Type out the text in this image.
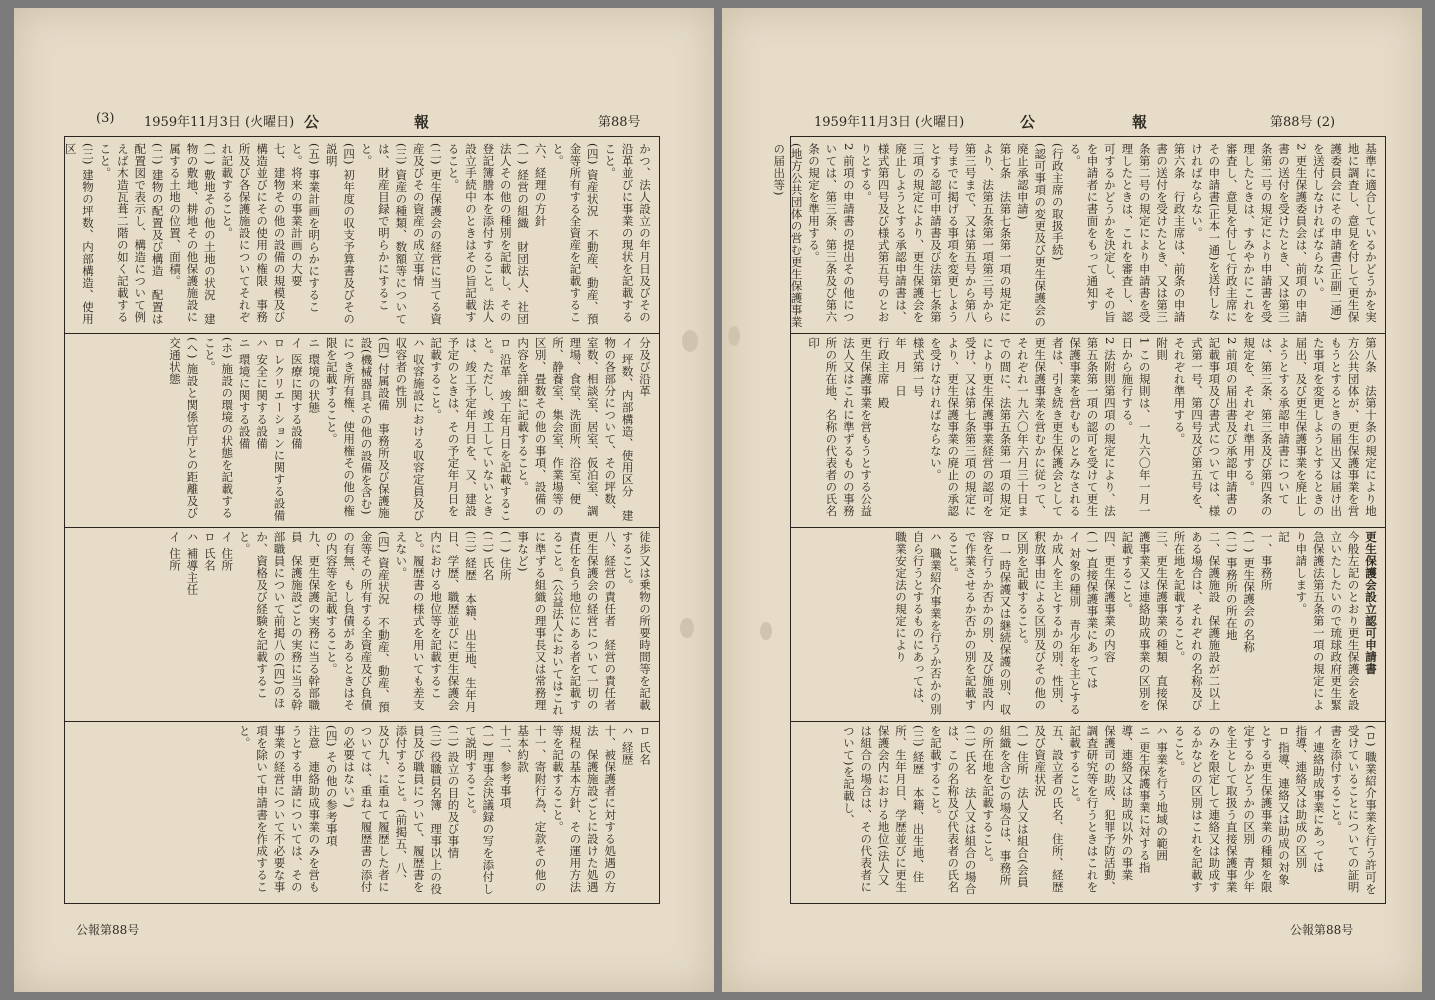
(3) 1959年11月3日 (火曜日) 公	報	第88号

かつ、法人設立の年月日及びその沿革並びに事業の現状を記載すること。

(四) 資産状況　不動産、動産、預金等所有する全資産を記載すること。

六、経理の方針

(一) 経営の組織　財団法人、社団法人その他の種別を記載し、その登記簿謄本を添付すること。法人設立手続中のときはその旨記載すること。

(二) 更生保護会の経営に当てる資産及びその資産の成立事情

(三) 資産の種類、数額等については、財産目録で明らかにすること。

(四) 初年度の収支予算書及びその説明

(五) 事業計画を明らかにすること。将来の事業計画の大要

七、建物その他の設備の規模及び構造並びにその使用の権限　事務所及び各保護施設についてそれぞれ記載すること。

(一) 敷地その他の土地の状況　建物の敷地、耕地その他保護施設に属する土地の位置、面積。

(二) 建物の配置及び構造　配置は配置図で表示し、構造について例えば木造瓦葺二階の如く記載すること。

(三) 建物の坪数、内部構造、使用区

分及び沿革

イ 坪数、内部構造、使用区分　建物の各部分について、その坪数、室数、相談室、居室、仮泊室、調理場、食堂、洗面所、浴室、便所、静養室、集会室、作業場等の区別、畳数その他の事項、設備の内容を詳細に記載すること。

ロ 沿革　竣工年月日を記載すること。ただし、竣工していないときは、竣工予定年月日を、又、建設予定のときは、その予定年月日を記載すること。

ハ 収容施設における収容定員及び収容者の性別

(四) 付属設備　事務所及び保護施設(機械器具その他の設備を含む)につき所有権、使用権その他の権限を記載すること。

ニ 環境の状態

イ 医療に関する設備

ロ レクリエーションに関する設備

ハ 安全に関する設備

ニ 環境に関する設備

(ホ) 施設の環境の状態を記載すること。

(ヘ) 施設と関係官庁との距離及び交通状態

徒歩又は乗物の所要時間等を記載すること。

八、経営の責任者　経営の責任者　更生保護会の経営について一切の責任を負う地位にある者を記載すること。(公益法人においてはこれに準ずる組織の理事長又は常務理事など)

(一) 住所

(二) 氏名

(三) 経歴　本籍、出生地、生年月日、学歴、職歴並びに更生保護会内における地位等を記載すること。履歴書の様式を用いても差支えない。

(四) 資産状況　不動産、動産、預金等その所有する全資産及び負債の有無、もし負債があるときはその内容等を記載すること。

九、更生保護の実務に当る幹部職員　保護施設ごとの実務に当る幹部職員について前掲八の(四)のほか、資格及び経験を記載すること。

イ 住所

ロ 氏名

ハ 補導主任

イ 住所

ロ 氏名

ハ 経歴

十、被保護者に対する処遇の方法　保護施設ごとに設けた処遇規程の基本方針、その運用方法等を記載すること。

十一、寄附行為、定款その他の基本約款

十二、参考事項

(一) 理事会決議録の写を添付して説明すること。

(二) 設立の目的及び事情

(三) 役職員名簿　理事以上の役員及び職員について、履歴書を添付すること。(前掲五、八、及び九、に重ねて履歴した者については、重ねて履歴書の添付の必要はない。)

(四) その他の参考事項

注意　連絡助成事業のみを営もうとする申請については、その事業の経営について不必要な事項を除いて申請書を作成すること。

公報第88号
1959年11月3日 (火曜日)	公	報	第88号 (2)

基準に適合しているかどうかを実地に調査し、意見を付して更生保護委員会にその申請書(正副二通)を送付しなければならない。

2 更生保護委員会は、前項の申請書の送付を受けたとき、又は第三条第二号の規定により申請書を受理したときは、すみやかにこれを審査し、意見を付して行政主席にその申請書(正本一通)を送付しなければならない。

第六条　行政主席は、前条の申請書の送付を受けたとき、又は第三条第二号の規定により申請書を受理したときは、これを審査し、認可するかどうかを決定し、その旨を申請者に書面をもって通知する。

(行政主席の取扱手続)

(認可事項の変更及び更生保護会の廃止承認申請)

第七条　法第七条第一項の規定により、法第五条第一項第三号から第三号まで、又は第五号から第八号までに掲げる事項を変更しようとする認可申請書及び法第七条第三項の規定により、更生保護会を廃止しようとする承認申請書は、様式第四号及び様式第五号のとおりとする。

2 前項の申請書の提出その他については、第三条、第三条及び第六条の規定を準用する。

(地方公共団体の営む更生保護事業の届出等)

第八条　法第十条の規定により地方公共団体が、更生保護事業を営もうとするときの届出又は届け出た事項を変更しようとするときの届出、及び更生保護事業を廃止しようとする承認申請書については、第三条、第三条及び第四条の規定を、それぞれ準用する。

2 前項の届出書及び承認申請書の記載事項及び書式については、様式第一号、第四号及び第五号を、それぞれ準用する。

附則

1 この規則は、一九六〇年一月一日から施行する。

2 法附則第四項の規定により、法第五条第一項の認可を受けて更生保護事業を営むものとみなされる者は、引き続き更生保護会として更生保護事業を営むかに従って、それぞれ一九六〇年六月三十日までの間に、法第五条第一項の規定により更生保護事業経営の認可を受け、又は第七条第三項の規定により、更生保護事業の廃止の承認を受けなければならない。

様式第一号

年　月　日

行政主席　殿

更生保護事業を営もうとする公益法人又はこれに準ずるものの事務所の所在地、名称の代表者の氏名印

更生保護会設立認可申請書

今般左記のとおり更生保護会を設立いたしたいので琉球政府更生緊急保護法第五条第一項の規定により申請します。

記

一、事務所

(一) 更生保護会の名称

(二) 事務所の所在地

二、保護施設　保護施設が二以上ある場合は、それぞれの名称及び所在地を記載すること。

三、更生保護事業の種類　直接保護事業又は連絡助成事業の区別を記載すること。

四、更生保護事業の内容

(一) 直接保護事業にあっては

イ 対象の種別　青少年を主とするか成人を主とするかの別、性別、釈放事由による区別及びその他の区別を記載すること。

ロ 一時保護又は継続保護の別、収容を行うか否かの別、及び施設内で作業させるか否かの別を記載すること。

ハ 職業紹介事業を行うか否かの別　自ら行うとするものにあっては、職業安定法の規定により

(ロ) 職業紹介事業を行う許可を受けていることについての証明書を添付すること。

イ 連絡助成事業にあっては　指導、連絡又は助成の区別

ロ 指導、連絡又は助成の対象とする更生保護事業の種類を限定するかどうかの区別　青少年を主として取扱う直接保護事業のみを限定して連絡又は助成するかなどの区別はこれを記載すること。

ハ 事業を行う地域の範囲

ニ 更生保護事業に対する指導、連絡又は助成以外の事業　保護司の助成、犯罪予防活動、調査研究等を行うときはこれを記載すること。

五、設立者の氏名、住所、経歴及び資産状況

(一) 住所　法人又は組合(会員組織を含む)の場合は、事務所の所在地を記載すること。

(二) 氏名　法人又は組合の場合は、この名称及び代表者の氏名を記載すること。

(三) 経歴　本籍、出生地、住所、生年月日、学歴並びに更生保護会内における地位(法人又は組合の場合は、その代表者について)を記載し、

公報第88号
